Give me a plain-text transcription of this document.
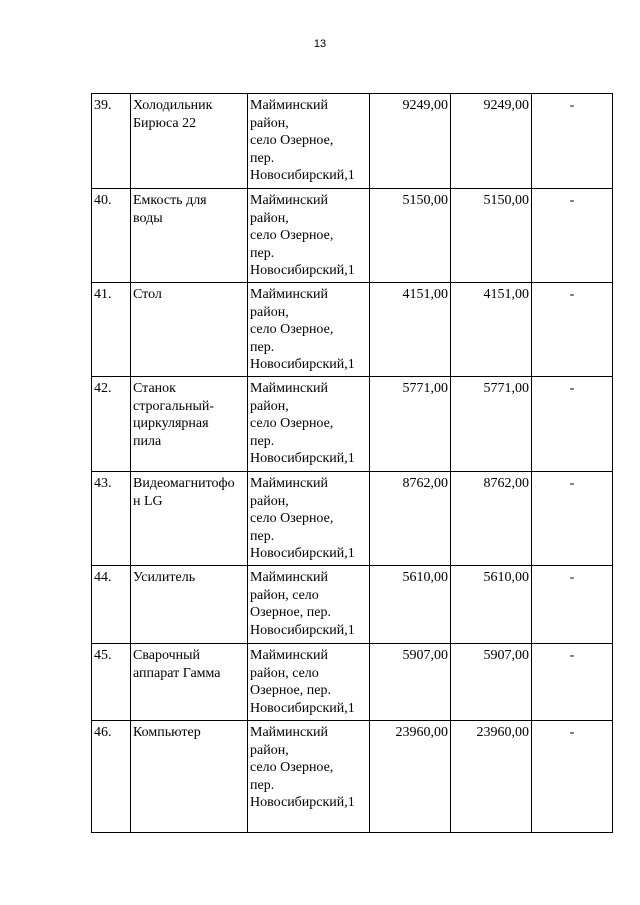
13
39.	Холодильник
Бирюса 22	Майминский
район,
село Озерное,
пер.
Новосибирский,1	9249,00	9249,00	-
40.	Емкость для
воды	Майминский
район,
село Озерное,
пер.
Новосибирский,1	5150,00	5150,00	-
41.	Стол	Майминский
район,
село Озерное,
пер.
Новосибирский,1	4151,00	4151,00	-
42.	Станок
строгальный-
циркулярная
пила	Майминский
район,
село Озерное,
пер.
Новосибирский,1	5771,00	5771,00	-
43.	Видеомагнитофо
н LG	Майминский
район,
село Озерное,
пер.
Новосибирский,1	8762,00	8762,00	-
44.	Усилитель	Майминский
район, село
Озерное, пер.
Новосибирский,1	5610,00	5610,00	-
45.	Сварочный
аппарат Гамма	Майминский
район, село
Озерное, пер.
Новосибирский,1	5907,00	5907,00	-
46.	Компьютер	Майминский
район,
село Озерное,
пер.
Новосибирский,1	23960,00	23960,00	-
